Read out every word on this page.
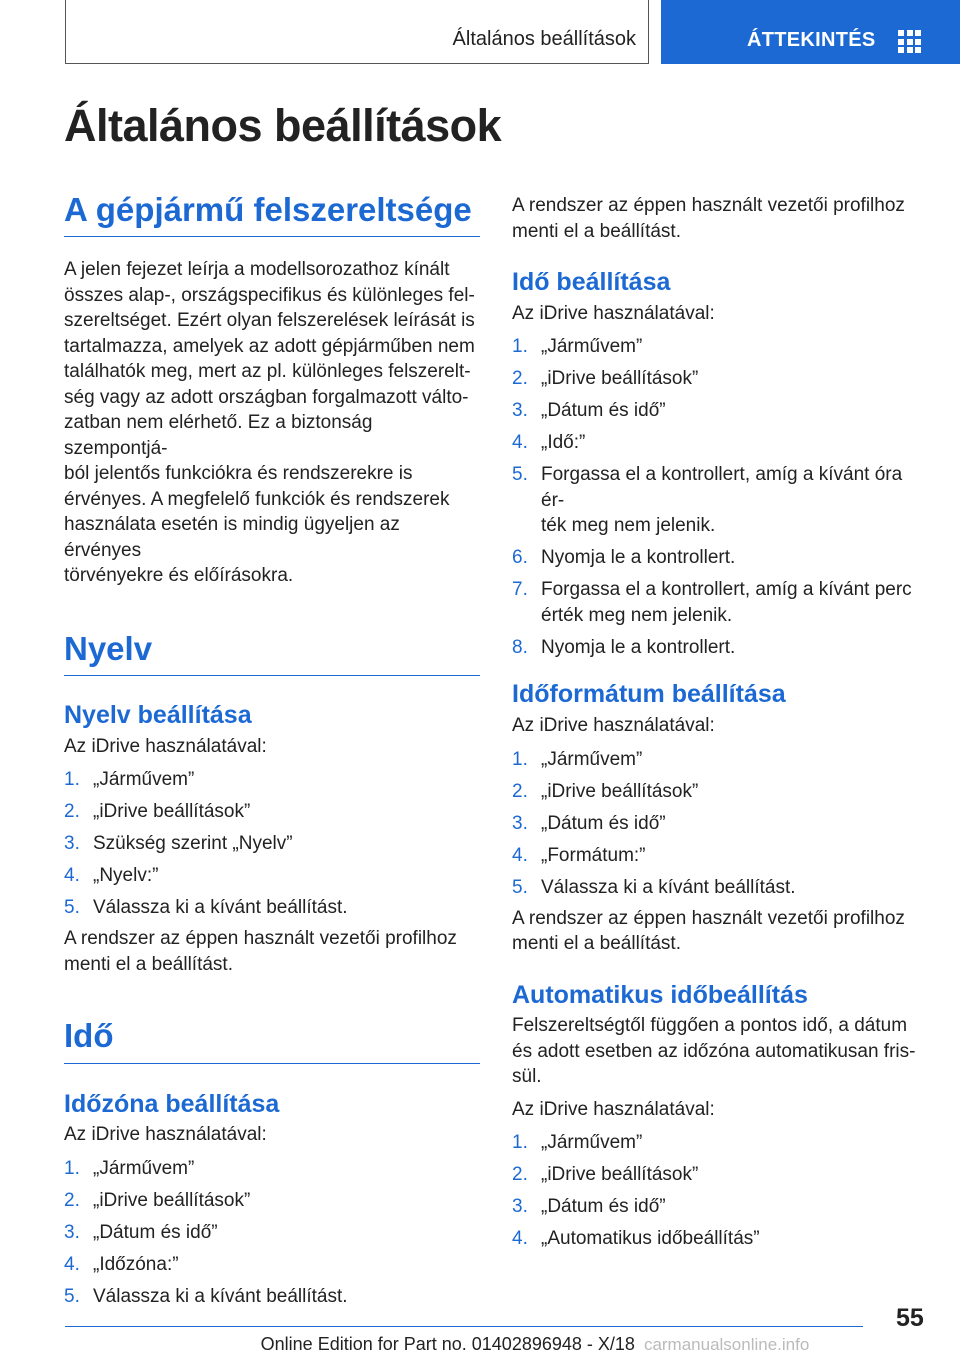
Általános beállítások	ÁTTEKINTÉS
Általános beállítások
A gépjármű felszereltsége
A jelen fejezet leírja a modellsorozathoz kínált
összes alap-, országspecifikus és különleges fel-
szereltséget. Ezért olyan felszerelések leírását is
tartalmazza, amelyek az adott gépjárműben nem
találhatók meg, mert az pl. különleges felszerelt-
ség vagy az adott országban forgalmazott válto-
zatban nem elérhető. Ez a biztonság szempontjá-
ból jelentős funkciókra és rendszerekre is
érvényes. A megfelelő funkciók és rendszerek
használata esetén is mindig ügyeljen az érvényes
törvényekre és előírásokra.
Nyelv
Nyelv beállítása

Az iDrive használatával:

1. „Járművem”
2. „iDrive beállítások”
3. Szükség szerint „Nyelv”
4. „Nyelv:”
5. Válassza ki a kívánt beállítást.
A rendszer az éppen használt vezetői profilhoz
menti el a beállítást.
Idő
Időzóna beállítása

Az iDrive használatával:

1. „Járművem”
2. „iDrive beállítások”
3. „Dátum és idő”
4. „Időzóna:”
5. Válassza ki a kívánt beállítást.
A rendszer az éppen használt vezetői profilhoz
menti el a beállítást.
Idő beállítása

Az iDrive használatával:

1. „Járművem”
2. „iDrive beállítások”
3. „Dátum és idő”
4. „Idő:”
5. Forgassa el a kontrollert, amíg a kívánt óra ér-
ték meg nem jelenik.
6. Nyomja le a kontrollert.
7. Forgassa el a kontrollert, amíg a kívánt perc
érték meg nem jelenik.
8. Nyomja le a kontrollert.
Időformátum beállítása

Az iDrive használatával:

1. „Járművem”
2. „iDrive beállítások”
3. „Dátum és idő”
4. „Formátum:”
5. Válassza ki a kívánt beállítást.
A rendszer az éppen használt vezetői profilhoz
menti el a beállítást.
Automatikus időbeállítás
Felszereltségtől függően a pontos idő, a dátum
és adott esetben az időzóna automatikusan fris-
sül.

Az iDrive használatával:

1. „Járművem”
2. „iDrive beállítások”
3. „Dátum és idő”
4. „Automatikus időbeállítás”
55
Online Edition for Part no. 01402896948 - X/18 carmanualsonline.info
